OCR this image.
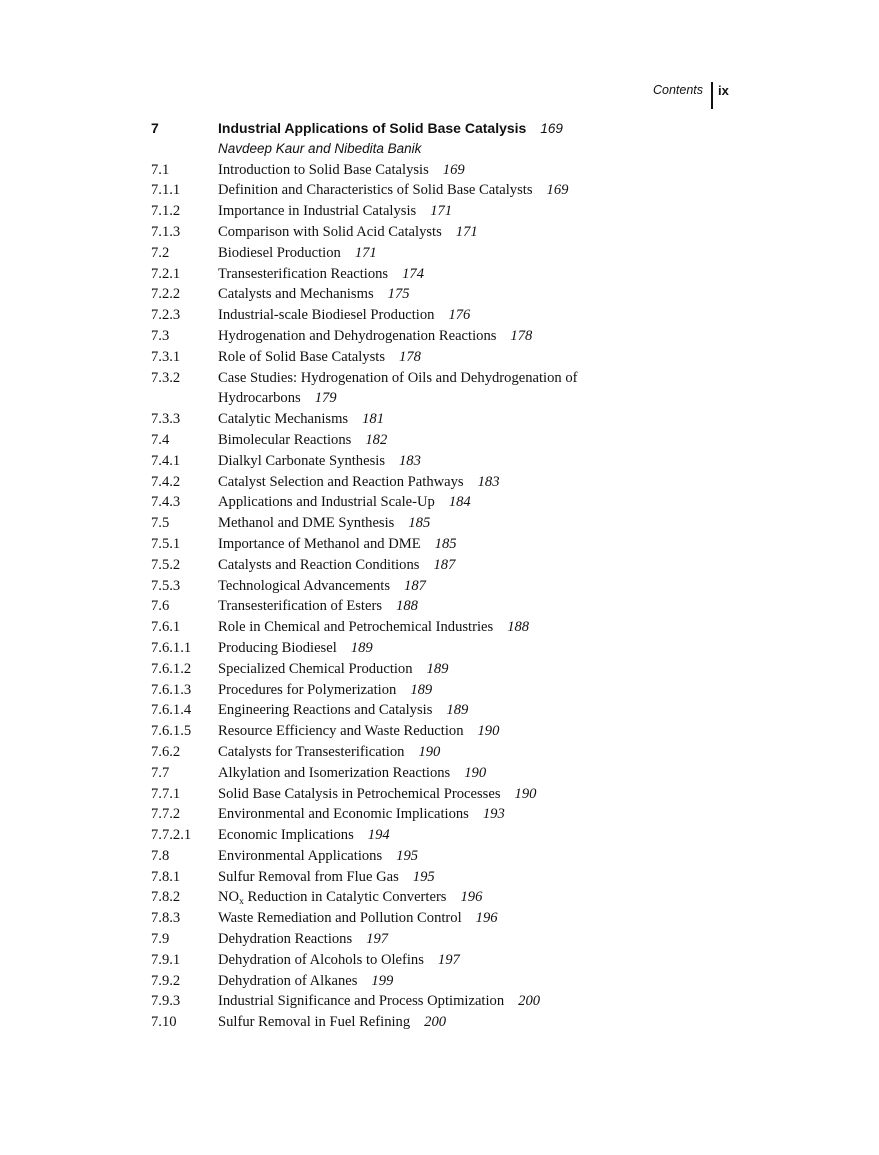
Contents ix
7	Industrial Applications of Solid Base Catalysis 169
Navdeep Kaur and Nibedita Banik
7.1	Introduction to Solid Base Catalysis 169
7.1.1	Definition and Characteristics of Solid Base Catalysts 169
7.1.2	Importance in Industrial Catalysis 171
7.1.3	Comparison with Solid Acid Catalysts 171
7.2	Biodiesel Production 171
7.2.1	Transesterification Reactions 174
7.2.2	Catalysts and Mechanisms 175
7.2.3	Industrial-scale Biodiesel Production 176
7.3	Hydrogenation and Dehydrogenation Reactions 178
7.3.1	Role of Solid Base Catalysts 178
7.3.2	Case Studies: Hydrogenation of Oils and Dehydrogenation of Hydrocarbons 179
7.3.3	Catalytic Mechanisms 181
7.4	Bimolecular Reactions 182
7.4.1	Dialkyl Carbonate Synthesis 183
7.4.2	Catalyst Selection and Reaction Pathways 183
7.4.3	Applications and Industrial Scale-Up 184
7.5	Methanol and DME Synthesis 185
7.5.1	Importance of Methanol and DME 185
7.5.2	Catalysts and Reaction Conditions 187
7.5.3	Technological Advancements 187
7.6	Transesterification of Esters 188
7.6.1	Role in Chemical and Petrochemical Industries 188
7.6.1.1 Producing Biodiesel 189
7.6.1.2 Specialized Chemical Production 189
7.6.1.3 Procedures for Polymerization 189
7.6.1.4 Engineering Reactions and Catalysis 189
7.6.1.5 Resource Efficiency and Waste Reduction 190
7.6.2	Catalysts for Transesterification 190
7.7	Alkylation and Isomerization Reactions 190
7.7.1	Solid Base Catalysis in Petrochemical Processes 190
7.7.2	Environmental and Economic Implications 193
7.7.2.1 Economic Implications 194
7.8	Environmental Applications 195
7.8.1	Sulfur Removal from Flue Gas 195
7.8.2	$NO_x$ Reduction in Catalytic Converters 196
7.8.3	Waste Remediation and Pollution Control 196
7.9	Dehydration Reactions 197
7.9.1	Dehydration of Alcohols to Olefins 197
7.9.2	Dehydration of Alkanes 199
7.9.3	Industrial Significance and Process Optimization 200
7.10	Sulfur Removal in Fuel Refining 200
